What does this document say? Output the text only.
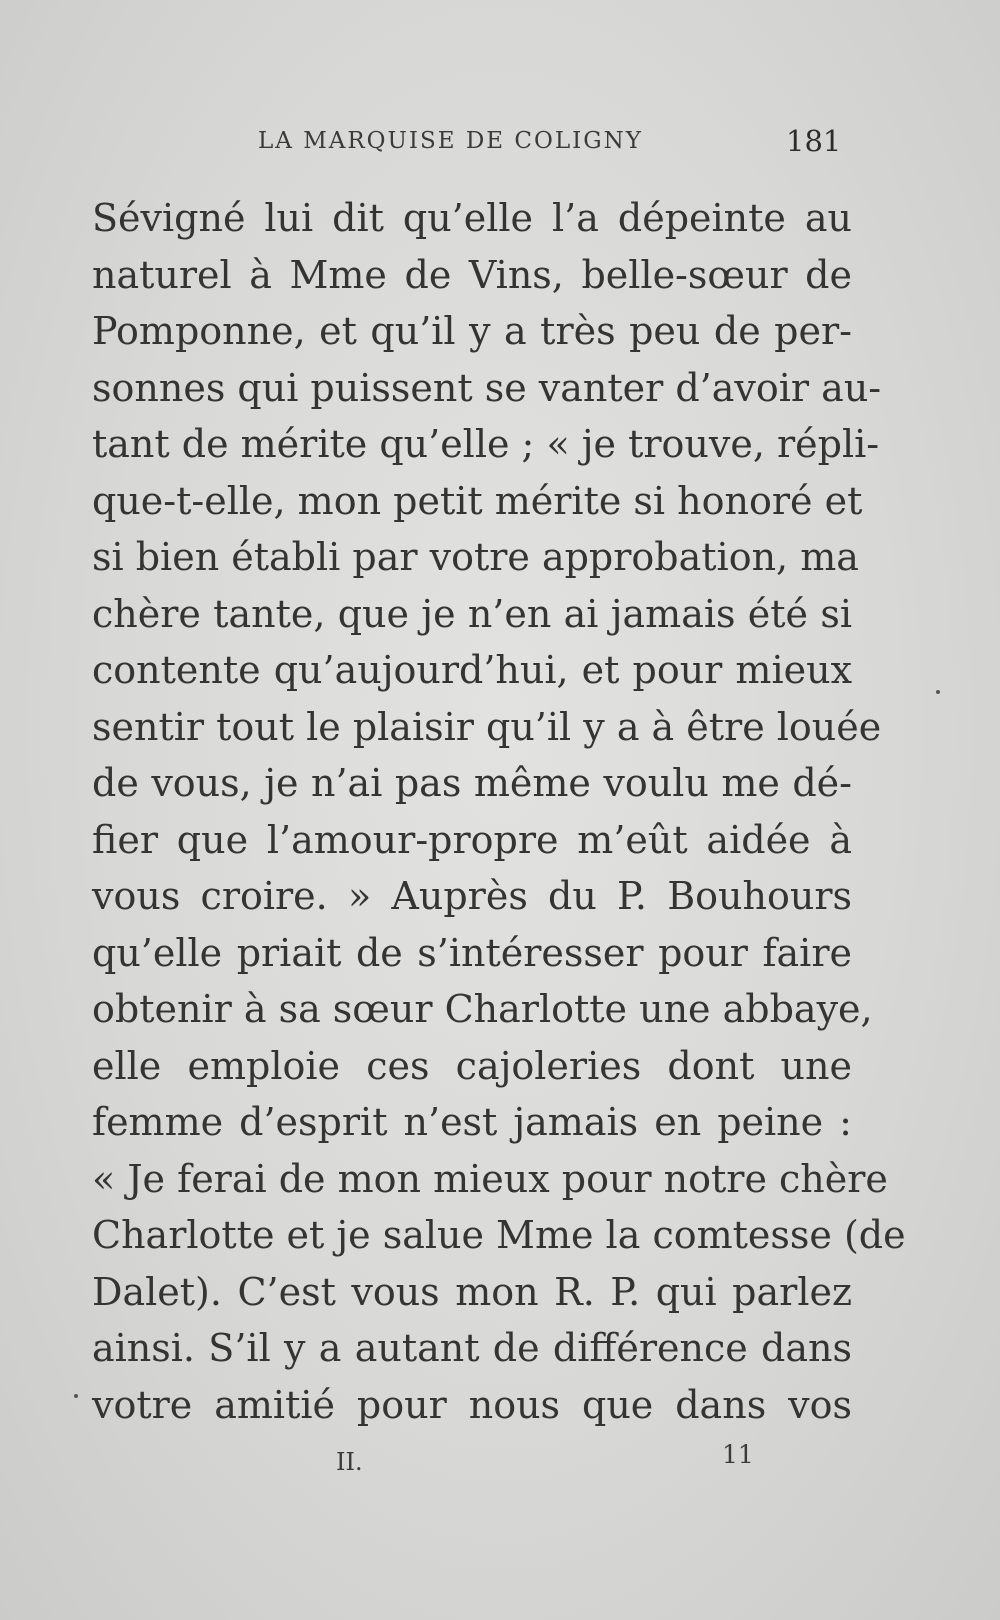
LA MARQUISE DE COLIGNY	181
Sévigné lui dit qu’elle l’a dépeinte au
naturel à Mme de Vins, belle-sœur de
Pomponne, et qu’il y a très peu de per-
sonnes qui puissent se vanter d’avoir au-
tant de mérite qu’elle ; « je trouve, répli-
que-t-elle, mon petit mérite si honoré et
si bien établi par votre approbation, ma
chère tante, que je n’en ai jamais été si
contente qu’aujourd’hui, et pour mieux
sentir tout le plaisir qu’il y a à être louée
de vous, je n’ai pas même voulu me dé-
fier que l’amour-propre m’eût aidée à
vous croire. » Auprès du P. Bouhours
qu’elle priait de s’intéresser pour faire
obtenir à sa sœur Charlotte une abbaye,
elle emploie ces cajoleries dont une
femme d’esprit n’est jamais en peine :
« Je ferai de mon mieux pour notre chère
Charlotte et je salue Mme la comtesse (de
Dalet). C’est vous mon R. P. qui parlez
ainsi. S’il y a autant de différence dans
votre amitié pour nous que dans vos
II.	11
